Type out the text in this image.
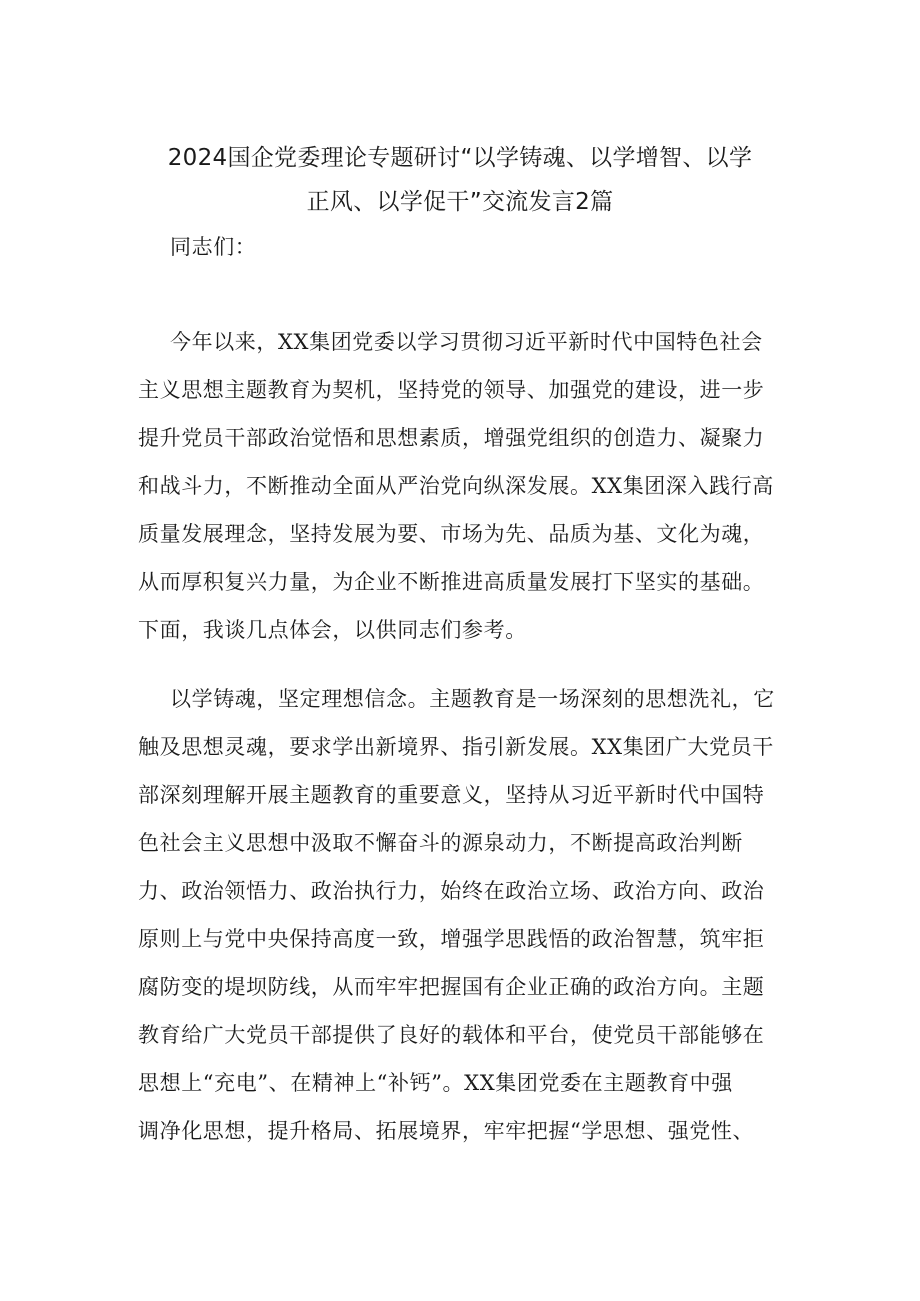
2024国企党委理论专题研讨“以学铸魂、以学增智、以学
正风、以学促干”交流发言2篇
同志们：
今年以来，XX集团党委以学习贯彻习近平新时代中国特色社会
主义思想主题教育为契机，坚持党的领导、加强党的建设，进一步
提升党员干部政治觉悟和思想素质，增强党组织的创造力、凝聚力
和战斗力，不断推动全面从严治党向纵深发展。XX集团深入践行高
质量发展理念，坚持发展为要、市场为先、品质为基、文化为魂，
从而厚积复兴力量，为企业不断推进高质量发展打下坚实的基础。
下面，我谈几点体会，以供同志们参考。
以学铸魂，坚定理想信念。主题教育是一场深刻的思想洗礼，它
触及思想灵魂，要求学出新境界、指引新发展。XX集团广大党员干
部深刻理解开展主题教育的重要意义，坚持从习近平新时代中国特
色社会主义思想中汲取不懈奋斗的源泉动力，不断提高政治判断
力、政治领悟力、政治执行力，始终在政治立场、政治方向、政治
原则上与党中央保持高度一致，增强学思践悟的政治智慧，筑牢拒
腐防变的堤坝防线，从而牢牢把握国有企业正确的政治方向。主题
教育给广大党员干部提供了良好的载体和平台，使党员干部能够在
思想上“充电”、在精神上“补钙”。XX集团党委在主题教育中强
调净化思想，提升格局、拓展境界，牢牢把握“学思想、强党性、
